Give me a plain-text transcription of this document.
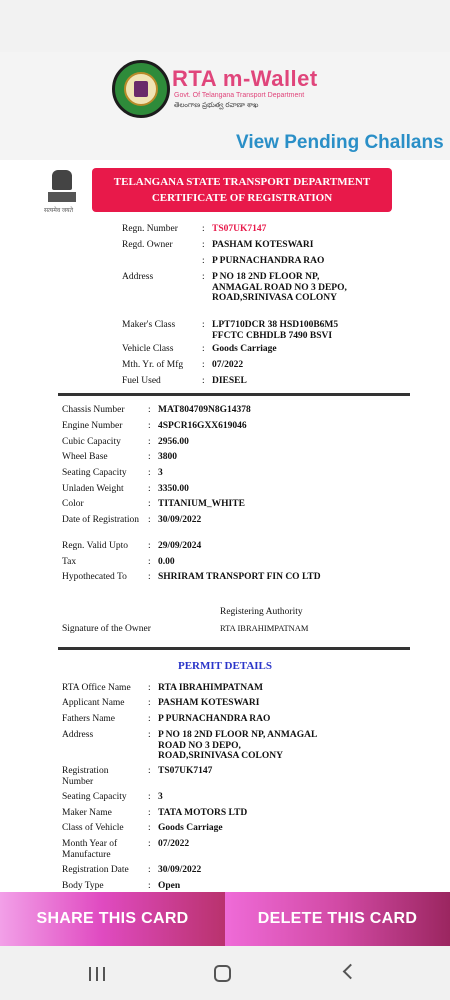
RTA m-Wallet
Govt. Of Telangana Transport Department
తెలంగాణ ప్రభుత్వ రవాణా శాఖ
View Pending Challans
सत्यमेव जयते
TELANGANA STATE TRANSPORT DEPARTMENT
CERTIFICATE OF REGISTRATION
Regn. Number	: TS07UK7147
Regd. Owner	: PASHAM KOTESWARI
: P PURNACHANDRA RAO
Address	: P NO 18 2ND FLOOR NP, ANMAGAL ROAD NO 3 DEPO, ROAD,SRINIVASA COLONY
Maker's Class	: LPT710DCR 38 HSD100B6M5 FFCTC CBHDLB 7490 BSVI
Vehicle Class	: Goods Carriage
Mth. Yr. of Mfg	: 07/2022
Fuel Used	: DIESEL
Chassis Number	: MAT804709N8G14378
Engine Number	: 4SPCR16GXX619046
Cubic Capacity	: 2956.00
Wheel Base	: 3800
Seating Capacity	: 3
Unladen Weight	: 3350.00
Color	: TITANIUM_WHITE
Date of Registration : 30/09/2022
Regn. Valid Upto	: 29/09/2024
Tax	: 0.00
Hypothecated To	: SHRIRAM TRANSPORT FIN CO LTD
Registering Authority
RTA IBRAHIMPATNAM
Signature of the Owner
PERMIT DETAILS
RTA Office Name	: RTA IBRAHIMPATNAM
Applicant Name	: PASHAM KOTESWARI
Fathers Name	: P PURNACHANDRA RAO
Address	: P NO 18 2ND FLOOR NP, ANMAGAL ROAD NO 3 DEPO, ROAD,SRINIVASA COLONY
Registration Number
: TS07UK7147
Seating Capacity	: 3
Maker Name	: TATA MOTORS LTD
Class of Vehicle	: Goods Carriage
Month Year of Manufacture
: 07/2022
Registration Date	: 30/09/2022
Body Type	: Open
SHARE THIS CARD	DELETE THIS CARD
